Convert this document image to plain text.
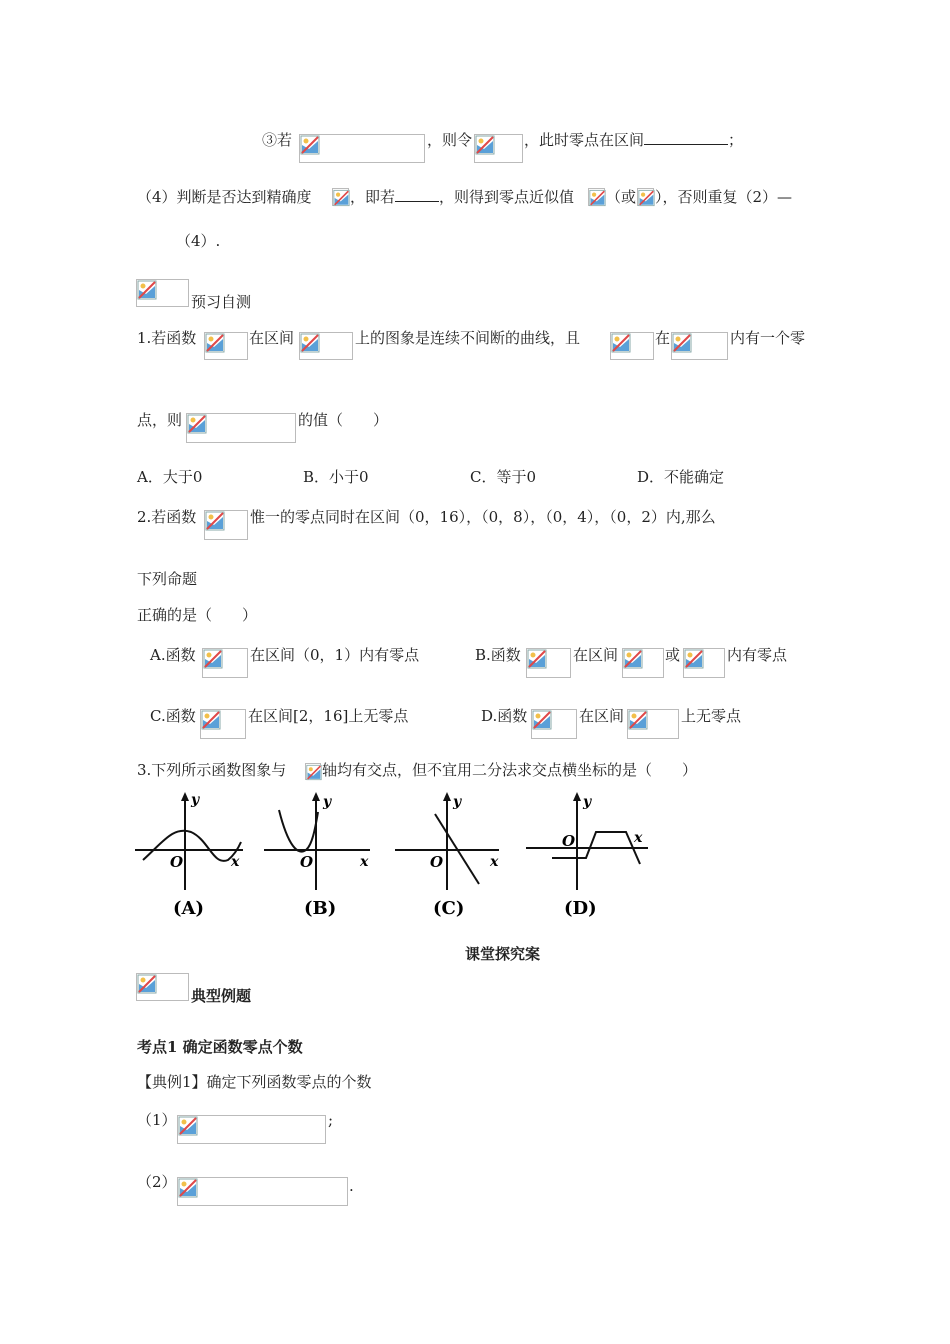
③若	，则令	，此时零点在区间	；
（4）判断是否达到精确度	，即若	，则得到零点近似值 （或 ），否则重复（2）—
（4）.
预习自测
1.若函数	在区间	上的图象是连续不间断的曲线，且	在	内有一个零
点，则	的值（　　）
A．大于0	B．小于0	C．等于0	D．不能确定
2.若函数	惟一的零点同时在区间（0，16），（0，8），（0，4），（0，2）内,那么
下列命题
正确的是（　　）
A.函数	在区间（0，1）内有零点	B.函数	在区间	或	内有零点
C.函数	在区间[2，16]上无零点	D.函数	在区间	上无零点
3.下列所示函数图象与 轴均有交点，但不宜用二分法求交点横坐标的是（　　）
y
x
O
(A)
y
x
O
(B)
y
x
O
(C)
y
x
O
(D)
课堂探究案
典型例题
考点1 确定函数零点个数
【典例1】确定下列函数零点的个数
（1）	;
（2）	.
